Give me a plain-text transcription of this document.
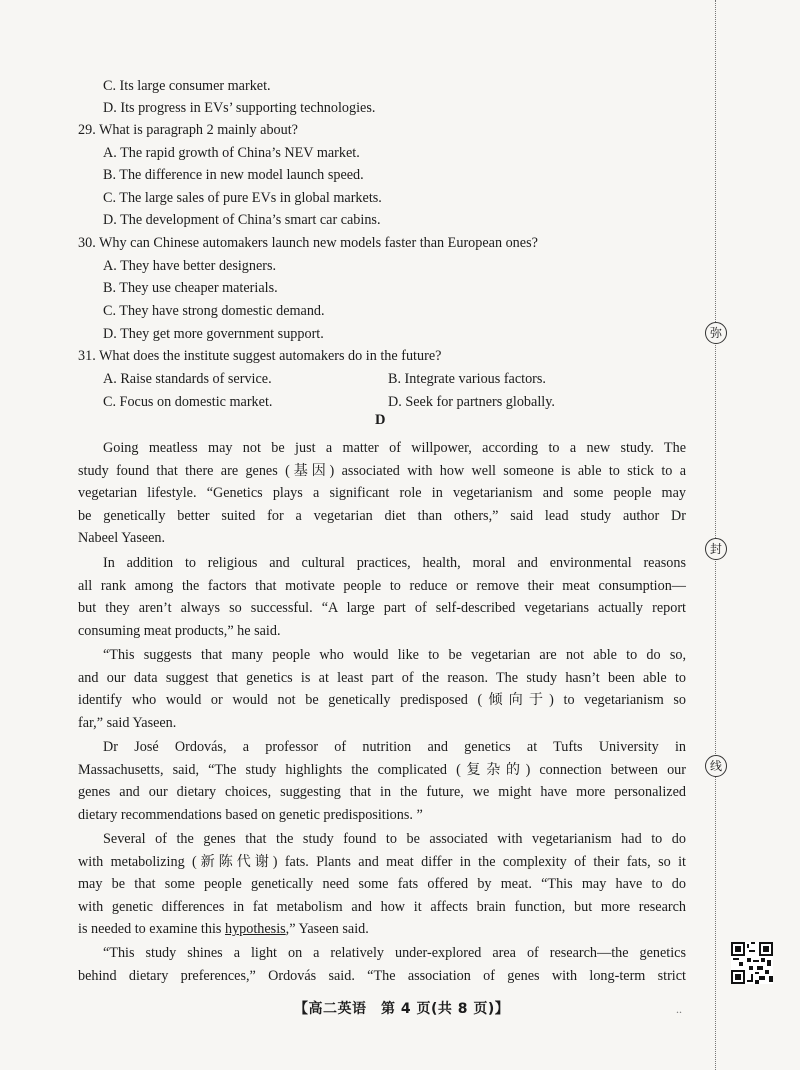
弥
封
线
C. Its large consumer market.
D. Its progress in EVs’ supporting technologies.
29. What is paragraph 2 mainly about?
A. The rapid growth of China’s NEV market.
B. The difference in new model launch speed.
C. The large sales of pure EVs in global markets.
D. The development of China’s smart car cabins.
30. Why can Chinese automakers launch new models faster than European ones?
A. They have better designers.
B. They use cheaper materials.
C. They have strong domestic demand.
D. They get more government support.
31. What does the institute suggest automakers do in the future?
A. Raise standards of service.	B. Integrate various factors.
C. Focus on domestic market.	D. Seek for partners globally.
D
Going meatless may not be just a matter of willpower, according to a new study. The
study found that there are genes (基因) associated with how well someone is able to stick to a
vegetarian lifestyle. “Genetics plays a significant role in vegetarianism and some people may
be genetically better suited for a vegetarian diet than others,” said lead study author Dr
Nabeel Yaseen.
In addition to religious and cultural practices, health, moral and environmental reasons
all rank among the factors that motivate people to reduce or remove their meat consumption—
but they aren’t always so successful. “A large part of self-described vegetarians actually report
consuming meat products,” he said.
“This suggests that many people who would like to be vegetarian are not able to do so,
and our data suggest that genetics is at least part of the reason. The study hasn’t been able to
identify who would or would not be genetically predisposed (倾向于) to vegetarianism so
far,” said Yaseen.
Dr José Ordovás, a professor of nutrition and genetics at Tufts University in
Massachusetts, said, “The study highlights the complicated (复杂的) connection between our
genes and our dietary choices, suggesting that in the future, we might have more personalized
dietary recommendations based on genetic predispositions. ”
Several of the genes that the study found to be associated with vegetarianism had to do
with metabolizing (新陈代谢) fats. Plants and meat differ in the complexity of their fats, so it
may be that some people genetically need some fats offered by meat. “This may have to do
with genetic differences in fat metabolism and how it affects brain function, but more research
is needed to examine this hypothesis,” Yaseen said.
“This study shines a light on a relatively under-explored area of research—the genetics
behind dietary preferences,” Ordovás said. “The association of genes with long-term strict
【高二英语　第 4 页(共 8 页)】	..
